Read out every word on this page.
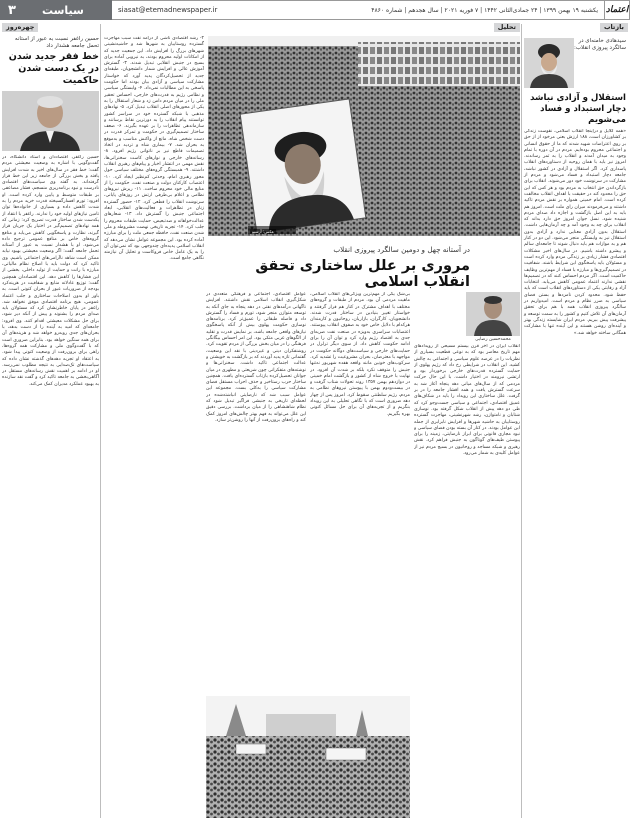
۳ سیاست	siasat@etemadnewspaper.ir	یکشنبه ۱۹ بهمن ۱۳۹۹ | ۲۴ جمادی‌الثانی ۱۴۴۲ | ۷ فوریه ۲۰۲۱ | سال هجدهم | شماره ۴۸۶۰ اعتماد
بازتاب
تحلیل
چهره‌روز
سیدهادی خامنه‌ای در سالگرد پیروزی انقلاب:
استقلال و آزادی نباشد دچار استبداد و فساد می‌شویم
«همه گلایل و دراینجا انقلاب اسلامی، نقوست زندگی بر کشاورزان است، ۱۸۸ ارزش بعنی مرخود از از حق بر روی اعتراضات شهید شدند که ما از حقوق انسانی و اجتماعی محروم بوده‌ایم. مردم در آن دوره با تمام وجود به میدان آمدند و انقلاب را به ثمر رساندند. امروز نیز باید با همان روحیه از دستاوردهای انقلاب پاسداری کرد. اگر استقلال و آزادی در کشور نباشد، جامعه دچار استبداد و فساد می‌شود و مردم از مشارکت در سرنوشت خود دور می‌شوند. انقلاب برای بازگرداندن حق انتخاب به مردم بود و هر کس که این حق را محدود کند در حقیقت با اهداف انقلاب مخالفت کرده است. امام خمینی همواره بر نقش مردم تاکید داشتند و می‌فرمودند میزان رای ملت است. امروز هم باید به این اصل بازگشت و اجازه داد صدای مردم شنیده شود. نسل جوان امروز حق دارد بداند که انقلاب برای چه به وجود آمد و چه آرمان‌هایی داشت. استقلال بدون آزادی معنایی ندارد و آزادی بدون استقلال نیز به وابستگی منجر می‌شود. این دو در کنار هم و به موازات هم باید دنبال شوند تا جامعه‌ای سالم و پیشرو داشته باشیم. در سال‌های اخیر مشکلات اقتصادی فشار زیادی بر زندگی مردم وارد کرده است و مسئولان باید پاسخگوی این شرایط باشند. شفافیت در تصمیم‌گیری‌ها و مبارزه با فساد از مهم‌ترین وظایف حاکمیت است. اگر مردم احساس کنند که در تصمیم‌ها نقشی ندارند اعتماد عمومی کاهش می‌یابد. انتخابات آزاد و رقابتی یکی از دستاوردهای انقلاب است که باید حفظ شود. محدود کردن نامزدها و بستن فضای سیاسی به ضرر نظام و مردم است. امیدواریم در سالگرد پیروزی انقلاب همه با هم برای تحقق آرمان‌های آن تلاش کنیم و کشور را به سمت توسعه و پیشرفت پیش ببریم. مردم ایران شایسته زندگی بهتر و آینده‌ای روشن هستند و این آینده تنها با مشارکت همگانی ساخته خواهد شد.»
حسین راغفر نسبت به عبور از آستانه تحمل جامعه هشدار داد
خط فقر جدید شدن در یک دست شدن حاکمیت
حسین راغفر، اقتصاددان و استاد دانشگاه، در گفت‌وگویی با اشاره به وضعیت معیشتی مردم گفت: خط فقر در سال‌های اخیر به شدت افزایش یافته و بخش بزرگی از جامعه زیر این خط قرار گرفته‌اند. به گفته وی سیاست‌های اقتصادی نادرست و نبود برنامه‌ریزی منسجم، فشار مضاعفی بر طبقات متوسط و پایین وارد کرده است. او افزود: تورم افسارگسیخته قدرت خرید مردم را به شدت کاهش داده و بسیاری از خانواده‌ها توان تامین نیازهای اولیه خود را ندارند. راغفر با انتقاد از یکدست شدن ساختار قدرت تصریح کرد: زمانی که همه نهادهای تصمیم‌گیر در اختیار یک جریان قرار گیرند، نظارت و پاسخگویی کاهش می‌یابد و منافع گروه‌های خاص بر منافع عمومی ترجیح داده می‌شود. او با هشدار نسبت به عبور از آستانه تحمل جامعه گفت: اگر وضعیت معیشتی بهبود نیابد ممکن است شاهد ناآرامی‌های اجتماعی باشیم. وی تاکید کرد که دولت باید با اصلاح نظام مالیاتی، مبارزه با رانت و حمایت از تولید داخلی، بخشی از این فشارها را کاهش دهد. این اقتصاددان همچنین گفت: توزیع عادلانه منابع و شفافیت در هزینه‌کرد بودجه از ضروریات عبور از بحران کنونی است. به باور او بدون اصلاحات ساختاری و جلب اعتماد عمومی، هیچ برنامه اقتصادی موفق نخواهد شد. راغفر در پایان خاطرنشان کرد که مسئولان باید صدای مردم را بشنوند و پیش از آنکه دیر شود، برای حل مشکلات معیشتی اقدام کنند. وی افزود: جامعه‌ای که امید به آینده را از دست بدهد، با بحران‌های جدی روبه‌رو خواهد شد و هزینه‌های آن برای همه سنگین خواهد بود. بنابراین ضروری است که با گفت‌وگوی ملی و مشارکت همه گروه‌ها، راهی برای برون‌رفت از وضعیت کنونی پیدا شود. به اعتقاد او تجربه دهه‌های گذشته نشان داده که سیاست‌های تک‌صدایی به نتیجه مطلوب نمی‌رسد. او در ادامه بر اهمیت نقش رسانه‌های مستقل در آگاهی‌بخشی به جامعه تاکید کرد و گفت نقد سازنده به بهبود عملکرد مدیران کمک می‌کند.
عکس: آرشیو
در آستانه چهل و دومین سالگرد پیروزی انقلاب
مروری بر علل ساختاری تحقق انقلاب اسلامی
محمدحسین رضایی
انقلاب ایران در آخر قرن بیستم مسیحی از رویدادهای مهم تاریخ معاصر بود که به نوعی قطعیت بسیاری از نظریات را در عرصه علوم سیاسی و اجتماعی به چالش کشید. این انقلاب در شرایطی رخ داد که رژیم پهلوی از حمایت گسترده قدرت‌های خارجی برخوردار بود و ارتشی نیرومند در اختیار داشت. با این حال حرکت مردمی که از سال‌های میانی دهه پنجاه آغاز شد به سرعت گسترش یافت و همه اقشار جامعه را در بر گرفت. علل ساختاری این رویداد را باید در شکاف‌های عمیق اقتصادی، اجتماعی و سیاسی جست‌وجو کرد که طی دو دهه پیش از انقلاب شکل گرفته بود. نوسازی شتابان و نامتوازن، رشد شهرنشینی، مهاجرت گسترده روستاییان به حاشیه شهرها و افزایش نابرابری از جمله این عوامل بودند. در کنار آن بسته بودن فضای سیاسی و نبود مجاری قانونی برای ابراز نارضایتی، زمینه را برای پیوستن طیف‌های گوناگون به جنبش فراهم کرد. نقش رهبری و شبکه مساجد و روحانیون در بسیج مردم نیز از عوامل کلیدی به شمار می‌رود.
بی‌شک یکی از مهم‌ترین ویژگی‌های انقلاب اسلامی، ماهیت مردمی آن بود. مردم از طبقات و گروه‌های مختلف با اهداف مشترک در کنار هم قرار گرفتند و خواستار تغییر بنیادین در ساختار قدرت شدند. دانشجویان، کارگران، بازاریان، روحانیون و کارمندان هرکدام با دلایل خاص خود به صفوف انقلاب پیوستند. اعتصابات سراسری به‌ویژه در صنعت نفت ضربه‌ای جدی به اقتصاد رژیم وارد کرد و توان آن را برای ادامه حکومت کاهش داد. از سوی دیگر تزلزل در حمایت‌های خارجی و سیاست‌های دوگانه حکومت در مواجهه با معترضان، بحران مشروعیت را تشدید کرد. سرکوب‌های خونین مانند واقعه هفده شهریور نه‌تنها جنبش را متوقف نکرد بلکه بر شدت آن افزود. در نهایت با خروج شاه از کشور و بازگشت امام خمینی در دوازدهم بهمن ۱۳۵۷ روند تحولات شتاب گرفت و در بیست‌ودوم بهمن با پیوستن نیروهای نظامی به مردم، رژیم سلطنتی سقوط کرد. امروز پس از چهار دهه ضروری است که با نگاهی تحلیلی به این رویداد بنگریم و از تجربه‌های آن برای حل مسائل کنونی بهره بگیریم.
عوامل اقتصادی، اجتماعی و فرهنگی متعددی در شکل‌گیری انقلاب اسلامی نقش داشتند. افزایش ناگهانی درآمدهای نفتی در دهه پنجاه به جای آنکه به توسعه متوازن منجر شود، تورم و فساد را گسترش داد و فاصله طبقاتی را عمیق‌تر کرد. برنامه‌های نوسازی حکومت پهلوی بیش از آنکه پاسخگوی نیازهای واقعی جامعه باشد، بر نمایش قدرت و تقلید از الگوهای غربی متکی بود. این امر احساس بیگانگی فرهنگی را در میان بخش بزرگی از مردم تقویت کرد. روشنفکران دینی و غیردینی با نقد این وضعیت، گفتمانی تازه پدید آوردند که بر بازگشت به خویشتن و عدالت اجتماعی تاکید داشت. سخنرانی‌ها و نوشته‌های متفکرانی چون شریعتی و مطهری در میان جوانان تحصیل‌کرده بازتاب گسترده‌ای یافت. همچنین ساختار حزب رستاخیز و حذف احزاب مستقل فضای مشارکت سیاسی را به‌کلی بست. مجموعه این عوامل سبب شد که نارضایتی انباشته‌شده در لحظه‌ای تاریخی به جنبشی فراگیر تبدیل شود که نظام شاهنشاهی را از میان برداشت. بررسی دقیق این علل می‌تواند به فهم بهتر چالش‌های امروز کمک کند و راه‌های برون‌رفت از آنها را روشن‌تر سازد.
۲- رشد اقتصادی ناشی از درآمد نفت سبب مهاجرت گسترده روستاییان به شهرها شد و حاشیه‌نشینی شهرهای بزرگ را افزایش داد. این جمعیت جدید که از امکانات اولیه محروم بودند، به نیرویی آماده برای بسیج در جنبش انقلابی تبدیل شدند. ۳- گسترش آموزش عالی و افزایش شمار دانشجویان، طبقه‌ای جدید از تحصیل‌کردگان پدید آورد که خواستار مشارکت سیاسی و آزادی بیان بودند اما حکومت پاسخی به این مطالبات نمی‌داد. ۴- وابستگی سیاسی و نظامی رژیم به قدرت‌های خارجی، احساس تحقیر ملی را در میان مردم دامن زد و شعار استقلال را به یکی از محورهای اصلی انقلاب تبدیل کرد. ۵- نهادهای مذهبی با شبکه گسترده خود در سراسر کشور توانستند پیام انقلاب را به دورترین نقاط برسانند و سازماندهی تظاهرات را بر عهده بگیرند. ۶- ضعف ساختار تصمیم‌گیری در حکومت و تمرکز قدرت در دست شخص شاه، مانع از واکنش مناسب و به‌موقع به بحران شد. ۷- بیماری شاه و تردید در اتخاذ تصمیمات قاطع نیز بر ناتوانی رژیم افزود. ۸- رسانه‌های خارجی و نوارهای کاست سخنرانی‌ها، نقش مهمی در انتشار اخبار و پیام‌های رهبری انقلاب داشتند. ۹- همبستگی گروه‌های مختلف سیاسی حول محور رهبری امام، وحدتی کم‌نظیر ایجاد کرد. ۱۰- اعتصاب کارکنان دولت و صنعت نفت، حکومت را از منابع مالی خود محروم ساخت. ۱۱- ریزش نیروهای نظامی و اعلام بی‌طرفی ارتش در روزهای پایانی، سرنوشت انقلاب را قطعی کرد. ۱۲- حضور گسترده زنان در تظاهرات و فعالیت‌های انقلابی، ابعاد اجتماعی جنبش را گسترش داد. ۱۳- شعارهای عدالت‌خواهانه و ضدتبعیض، حمایت طبقات محروم را جلب کرد. ۱۴- تجربه تاریخی نهضت مشروطه و ملی شدن صنعت نفت، حافظه جمعی ملت را برای مبارزه آماده کرده بود. این مجموعه عوامل نشان می‌دهد که انقلاب اسلامی پدیده‌ای چندوجهی بود که نمی‌توان آن را به یک عامل خاص فروکاست و تحلیل آن نیازمند نگاهی جامع است.
